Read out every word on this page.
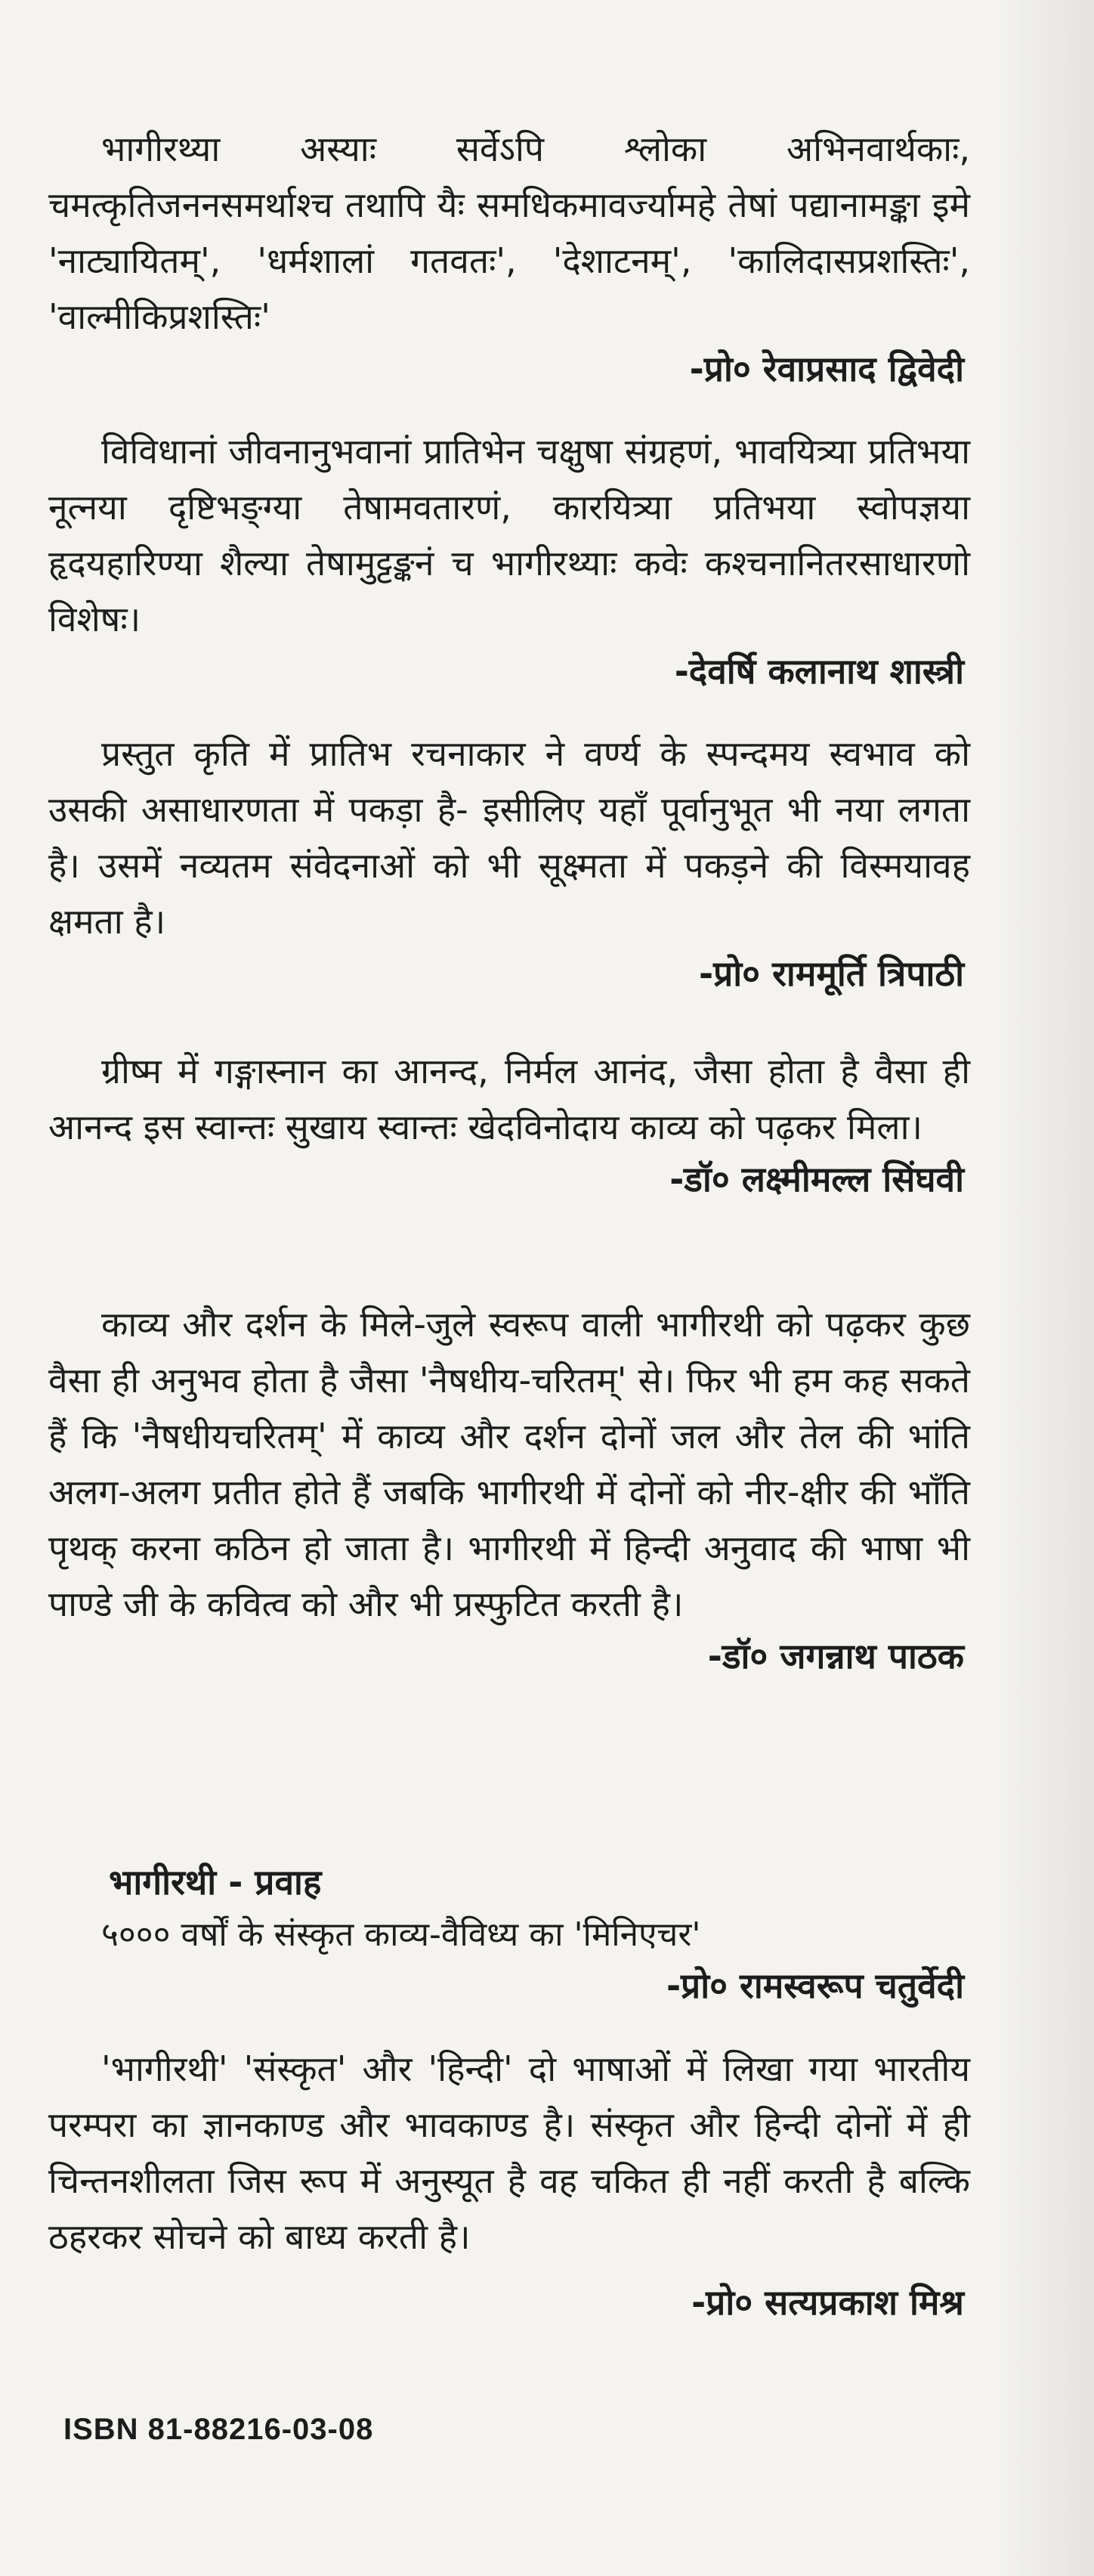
भागीरथ्या अस्याः सर्वेऽपि श्लोका अभिनवार्थकाः, चमत्कृतिजननसमर्थाश्च तथापि यैः समधिकमावर्ज्यामहे तेषां पद्यानामङ्का इमे 'नाट्यायितम्', 'धर्मशालां गतवतः', 'देशाटनम्', 'कालिदासप्रशस्तिः', 'वाल्मीकिप्रशस्तिः'

-प्रो० रेवाप्रसाद द्विवेदी

विविधानां जीवनानुभवानां प्रातिभेन चक्षुषा संग्रहणं, भावयित्र्या प्रतिभया नूत्नया दृष्टिभङ्ग्या तेषामवतारणं, कारयित्र्या प्रतिभया स्वोपज्ञया हृदयहारिण्या शैल्या तेषामुट्टङ्कनं च भागीरथ्याः कवेः कश्चनानितरसाधारणो विशेषः।

-देवर्षि कलानाथ शास्त्री

प्रस्तुत कृति में प्रातिभ रचनाकार ने वर्ण्य के स्पन्दमय स्वभाव को उसकी असाधारणता में पकड़ा है- इसीलिए यहाँ पूर्वानुभूत भी नया लगता है। उसमें नव्यतम संवेदनाओं को भी सूक्ष्मता में पकड़ने की विस्मयावह क्षमता है।

-प्रो० राममूर्ति त्रिपाठी

ग्रीष्म में गङ्गास्नान का आनन्द, निर्मल आनंद, जैसा होता है वैसा ही आनन्द इस स्वान्तः सुखाय स्वान्तः खेदविनोदाय काव्य को पढ़कर मिला।

-डॉ० लक्ष्मीमल्ल सिंघवी

काव्य और दर्शन के मिले-जुले स्वरूप वाली भागीरथी को पढ़कर कुछ वैसा ही अनुभव होता है जैसा 'नैषधीय-चरितम्' से। फिर भी हम कह सकते हैं कि 'नैषधीयचरितम्' में काव्य और दर्शन दोनों जल और तेल की भांति अलग-अलग प्रतीत होते हैं जबकि भागीरथी में दोनों को नीर-क्षीर की भाँति पृथक् करना कठिन हो जाता है। भागीरथी में हिन्दी अनुवाद की भाषा भी पाण्डे जी के कवित्व को और भी प्रस्फुटित करती है।

-डॉ० जगन्नाथ पाठक

भागीरथी - प्रवाह

५००० वर्षों के संस्कृत काव्य-वैविध्य का 'मिनिएचर'

-प्रो० रामस्वरूप चतुर्वेदी

'भागीरथी' 'संस्कृत' और 'हिन्दी' दो भाषाओं में लिखा गया भारतीय परम्परा का ज्ञानकाण्ड और भावकाण्ड है। संस्कृत और हिन्दी दोनों में ही चिन्तनशीलता जिस रूप में अनुस्यूत है वह चकित ही नहीं करती है बल्कि ठहरकर सोचने को बाध्य करती है।

-प्रो० सत्यप्रकाश मिश्र

ISBN 81-88216-03-08
